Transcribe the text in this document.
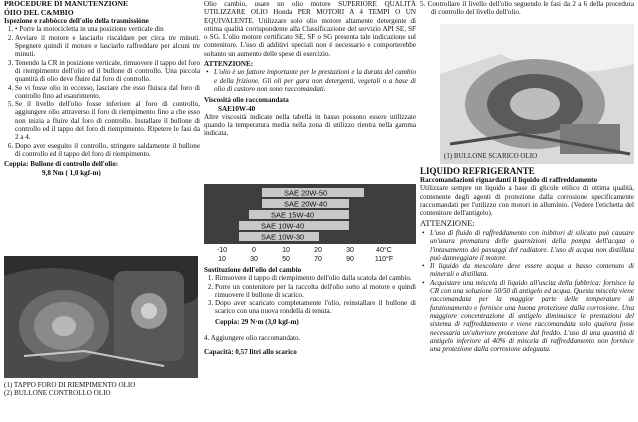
PROCEDURE DI MANUTENZIONE
ÓIIO DEL C&MBIO
Ispezione e rabbòcco dell'olio della trasmissióne
1. • Porre la motocicletta in una posizione verticale din
2. Avviare il motore e lasciarlo riscaldare per circa tre minuti. Spegnere quindi il motore e lasciarlo raffreddare per alcuni tre minuti.
3. Tenendo la CR in posizione verticale, rimuovere il tappo del foro di riempimento dell'olio ed il bullone di controllo. Una piccola quantità di olio deve fluire dal foro di controllo.
4. Se vi fosse olio in eccesso, lasciare che esso fluisca dal foro di controllo fino ad esaurimento.
5. Se il livello dell'olio fosse inferiore al foro di controllo, aggiungere olio attraverso il foro di riempimento fino a che esso non inizia a fluire dal foro di controllo. Installare il bullone di controllo ed il tappo del foro di riempimento. Ripetere le fasi da 2 a 4.
6. Dopo aver eseguito il controllo, stringere saldamente il bullone di controllo ed il tappo del foro di riempimento.
Coppia: Bullone di controllo dell'olio:
9,8 Nm ( 1,0 kgf-m)
(1) TAPPO FORO DI RIEMPIMENTO OLIO
(2) BULLONE CONTROLLO OLIO
Olio cambio, usare un olio motore SUPERIORE QUALITÀ UTILIZZARE OLIO Honda PER MOTORI A 4 TEMPI O UN EQUIVALENTE. Utilizzare solo olio motore altamente detergente di ottima qualità corrispondente alla Classificazione del servizio API SE, SF o SG. L'olio motore certificato SE, SF o SG presenta tale indicazione sul contenitore. L'uso di additivi speciali non è necessario e comporterebbe soltanto un aumento delle spese di esercizio.
ATTENZIONE:
• L'olio è un fattore importante per le prestazioni e la durata del cambio e della frizione. Gli oli per gara non detergenti, vegetali o a base di olio di castoro non sono raccomandati.
Viscosità olio raccomandata
SAE10W-40
Altre viscosità indicate nella tabella in basso possono essere utilizzate quando la temperatura media nella zona di utilizzo rientra nella gamma indicata.
SAE 20W-50
SAE 20W-40
SAE 15W-40
SAE 10W-40
SAE 10W-30
-10	0	10	20	30	40°C
10	30	50	70	90	110°F
Sostituzione dell'olio del cambio
1. Rimuovere il tappo di riempimento dell'olio dalla scatola del cambio.
2. Porre un contenitore per la raccolta dell'olio sotto al motore e quindi rimuovere il bullone di scarico.
3. Dopo aver scaricato completamente l'olio, reinstallare il bullone di scarico con una nuova rondella di tenuta.
Coppia: 29 N·m (3,0 kgf-m)
4. Aggiungere olio raccomandato.
Capacità: 0,57 litri allo scarico
5. Controllare il livello dell'olio seguendo le fasi da 2 a 6 della procedura di controllo del livello dell'olio.
(1) BULLONE SCARICO OLIO
LIQUIDO REFRIGERANTE
Raccomandazioni riguardanti il liquido di raffreddamento
Utilizzare sempre un liquido a base di glicole etilico di ottima qualità, contenente degli agenti di protezione dalla corrosione specificamente raccomandati per l'utilizzo con motori in alluminio. (Vedere l'etichetta del contenitore dell'antigelo).
ATTENZIONE:
• L'uso di fluido di raffreddamento con inibitori di silicato può causare un'usura prematura delle guarnizioni della pompa dell'acqua o l'intasamento dei passaggi del radiatore. L'uso di acqua non distillata può danneggiare il motore.
• Il liquido da mescolare deve essere acqua a basso contenuto di minerali o distillata.
• Acquistare una miscela di liquido all'uscita della fabbrica: fornisce la CR con una soluzione 50/50 di antigelo ed acqua. Questa miscela viene raccomandata per la maggior parte delle temperature di funzionamento e fornisce una buona protezione dalla corrosione. Una maggiore concentrazione di antigelo diminuisce le prestazioni del sistema di raffreddamento e viene raccomandata solo qualora fosse necessaria un'ulteriore protezione dal freddo. L'uso di una quantità di antigelo inferiore al 40% di miscela di raffreddamento non fornisce una protezione dalla corrosione adeguata.
